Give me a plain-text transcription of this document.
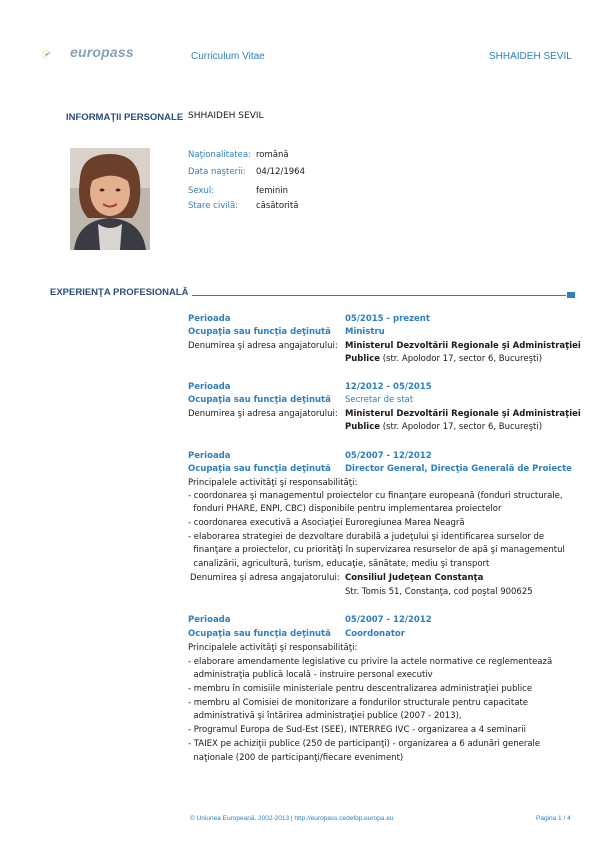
europass	Curriculum Vitae	SHHAIDEH SEVIL
INFORMAŢII PERSONALE SHHAIDEH SEVIL
Naţionalitatea: română
Data naşterii: 04/12/1964
Sexul:	feminin
Stare civilă: căsătorită
EXPERIENŢA PROFESIONALĂ
Perioada	05/2015 - prezent
Ocupaţia sau funcţia deţinută Ministru
Denumirea şi adresa angajatorului: Ministerul Dezvoltării Regionale şi Administraţiei
Publice (str. Apolodor 17, sector 6, Bucureşti)
Perioada	12/2012 - 05/2015
Ocupaţia sau funcţia deţinută Secretar de stat
Denumirea şi adresa angajatorului: Ministerul Dezvoltării Regionale şi Administraţiei
Publice (str. Apolodor 17, sector 6, Bucureşti)
Perioada	05/2007 - 12/2012
Ocupaţia sau funcţia deţinută Director General, Direcţia Generală de Proiecte
Principalele activităţi şi responsabilităţi:
- coordonarea şi managementul proiectelor cu finanţare europeană (fonduri structurale,
fonduri PHARE, ENPI, CBC) disponibile pentru implementarea proiectelor
- coordonarea executivă a Asociaţiei Euroregiunea Marea Neagră
- elaborarea strategiei de dezvoltare durabilă a judeţului şi identificarea surselor de
finanţare a proiectelor, cu priorităţi în supervizarea resurselor de apă şi managementul
canalizării, agricultură, turism, educaţie, sănătate, mediu şi transport
Denumirea şi adresa angajatorului: Consiliul Judeţean Constanţa
Str. Tomis 51, Constanţa, cod poştal 900625
Perioada	05/2007 - 12/2012
Ocupaţia sau funcţia deţinută Coordonator
Principalele activităţi şi responsabilităţi:
- elaborare amendamente legislative cu privire la actele normative ce reglementează
administraţia publică locală - instruire personal executiv
- membru în comisiile ministeriale pentru descentralizarea administraţiei publice
- membru al Comisiei de monitorizare a fondurilor structurale pentru capacitate
administrativă şi întărirea administraţiei publice (2007 - 2013),
- Programul Europa de Sud-Est (SEE), INTERREG IVC - organizarea a 4 seminarii
- TAIEX pe achiziţii publice (250 de participanţi) - organizarea a 6 adunări generale
naţionale (200 de participanţi/fiecare eveniment)
© Uniunea Europeană, 2002-2013 | http://europass.cedefop.europa.eu	Pagina 1 / 4
